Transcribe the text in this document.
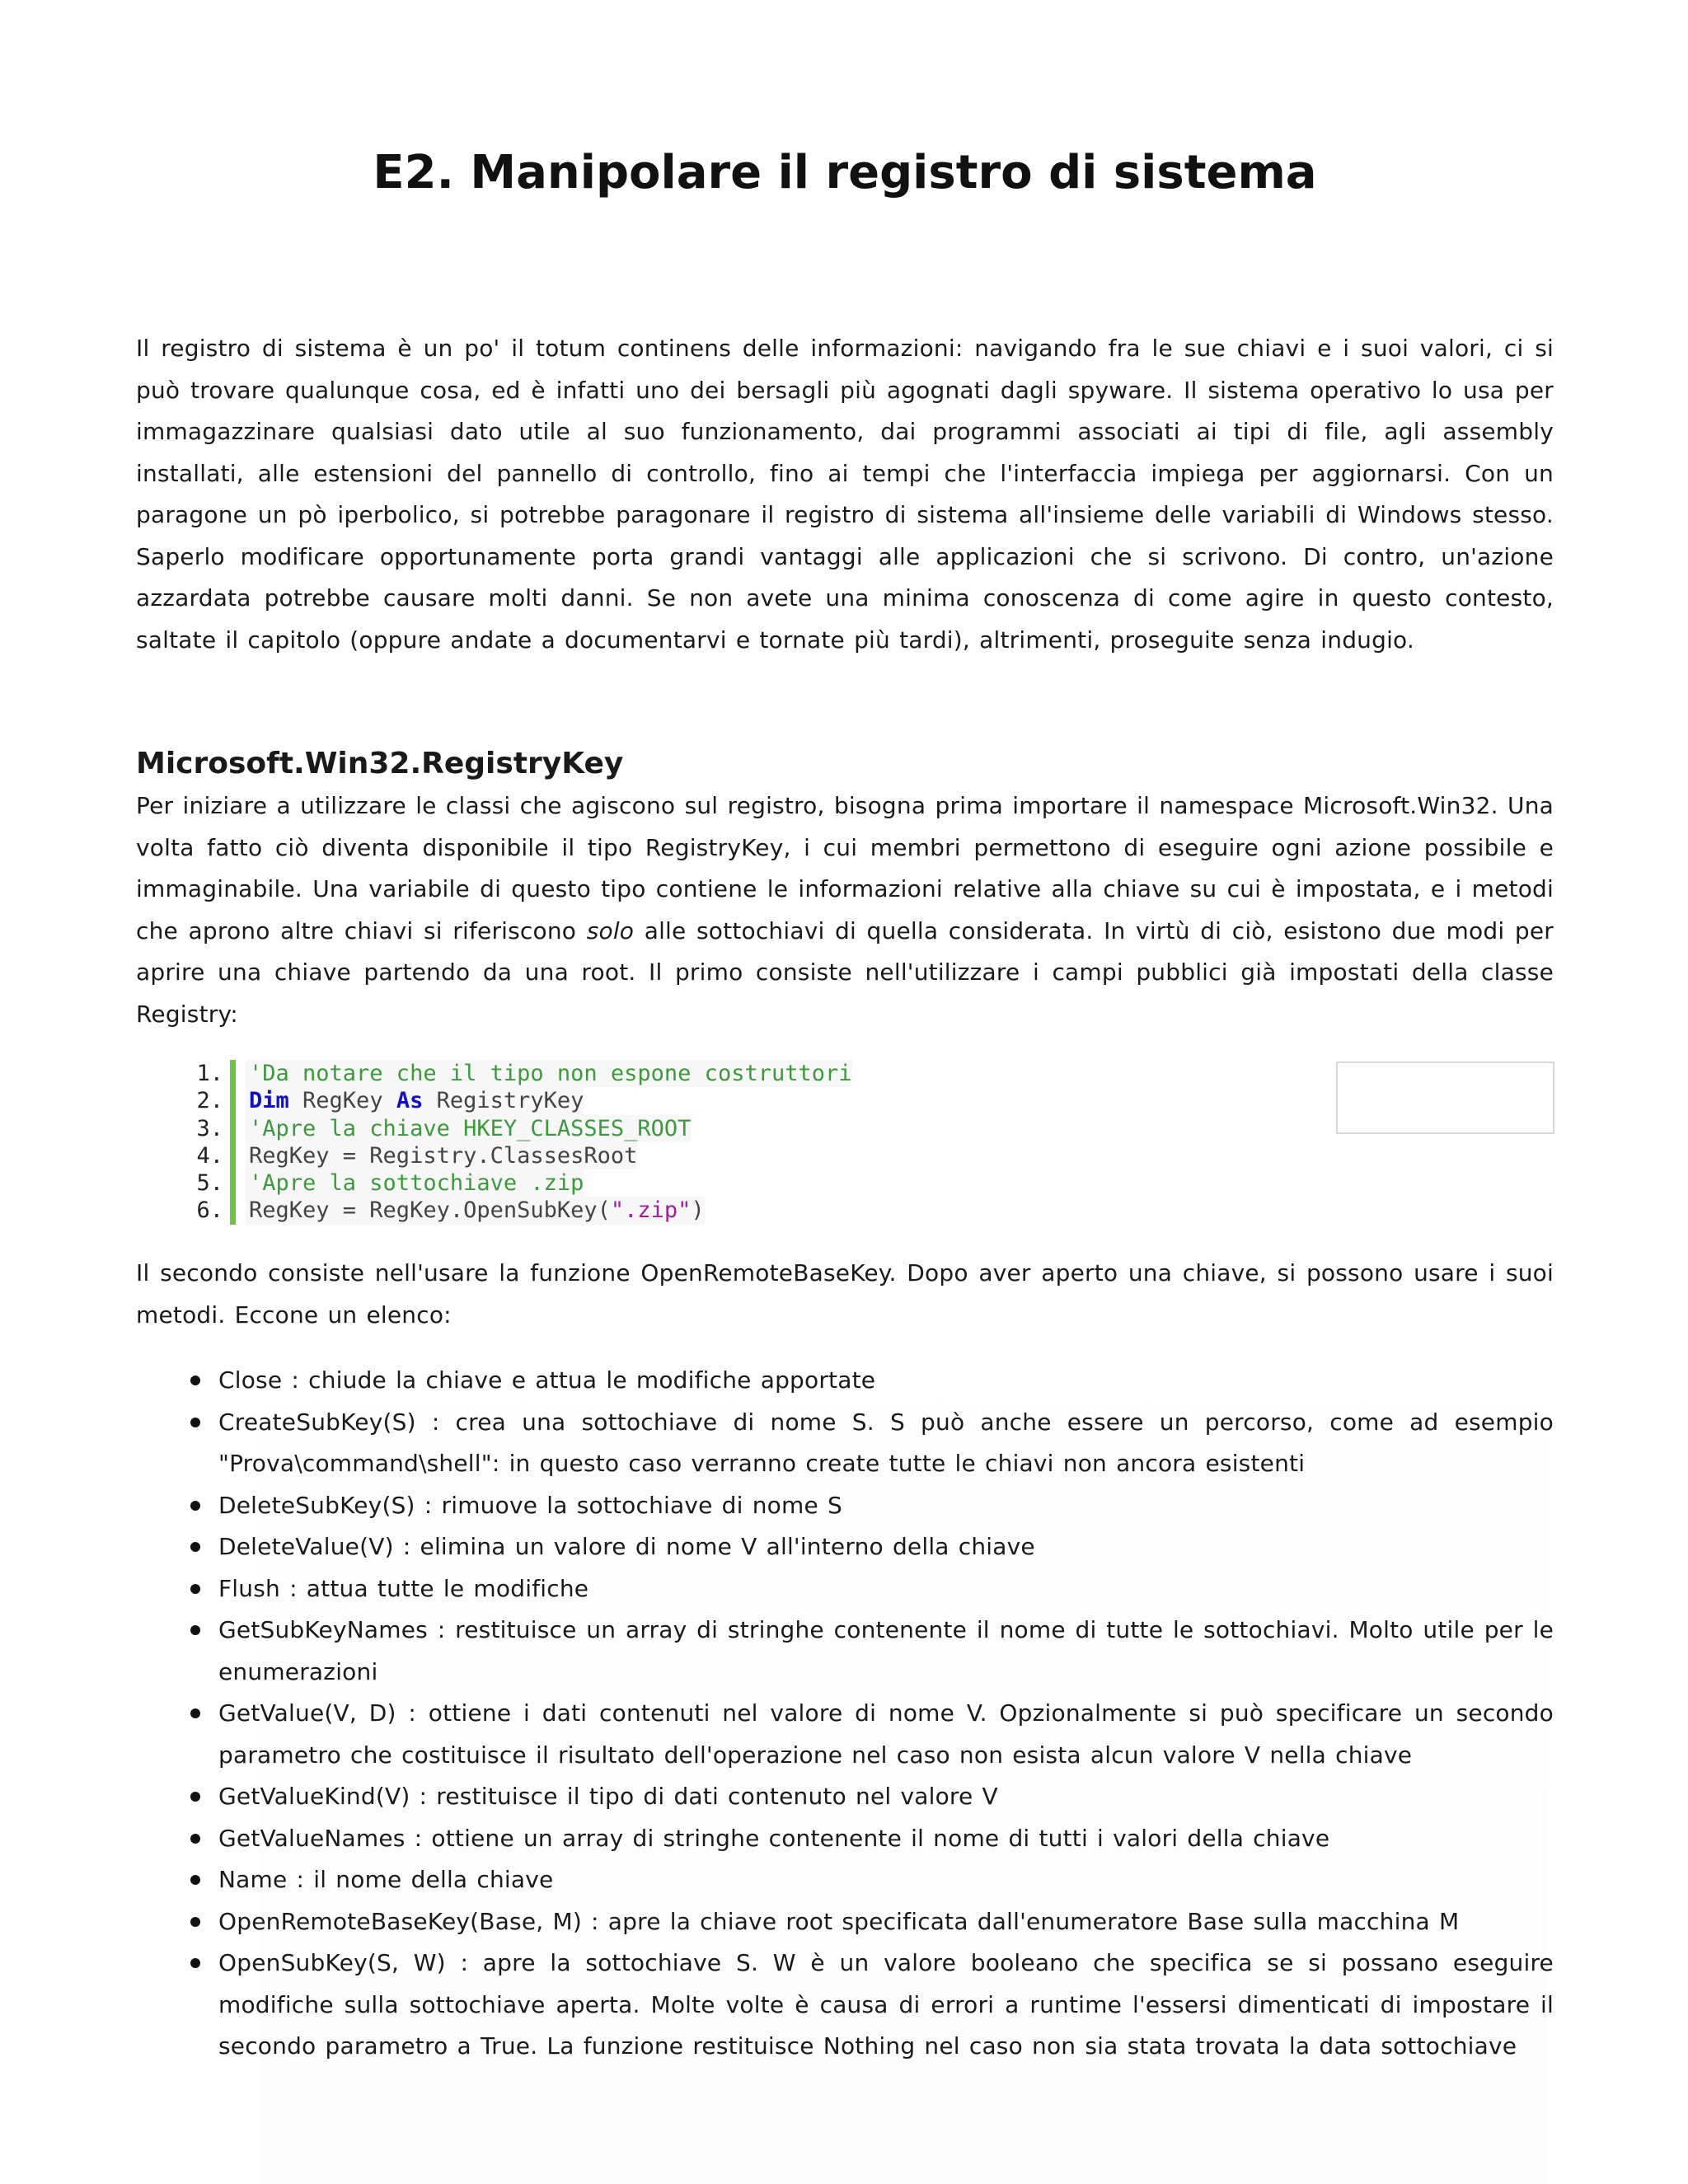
E2. Manipolare il registro di sistema

Il registro di sistema è un po' il totum continens delle informazioni: navigando fra le sue chiavi e i suoi valori, ci si può trovare qualunque cosa, ed è infatti uno dei bersagli più agognati dagli spyware. Il sistema operativo lo usa per immagazzinare qualsiasi dato utile al suo funzionamento, dai programmi associati ai tipi di file, agli assembly installati, alle estensioni del pannello di controllo, fino ai tempi che l'interfaccia impiega per aggiornarsi. Con un paragone un pò iperbolico, si potrebbe paragonare il registro di sistema all'insieme delle variabili di Windows stesso. Saperlo modificare opportunamente porta grandi vantaggi alle applicazioni che si scrivono. Di contro, un'azione azzardata potrebbe causare molti danni. Se non avete una minima conoscenza di come agire in questo contesto, saltate il capitolo (oppure andate a documentarvi e tornate più tardi), altrimenti, proseguite senza indugio.

Microsoft.Win32.RegistryKey

Per iniziare a utilizzare le classi che agiscono sul registro, bisogna prima importare il namespace Microsoft.Win32. Una volta fatto ciò diventa disponibile il tipo RegistryKey, i cui membri permettono di eseguire ogni azione possibile e immaginabile. Una variabile di questo tipo contiene le informazioni relative alla chiave su cui è impostata, e i metodi che aprono altre chiavi si riferiscono solo alle sottochiavi di quella considerata. In virtù di ciò, esistono due modi per aprire una chiave partendo da una root. Il primo consiste nell'utilizzare i campi pubblici già impostati della classe Registry:

1. 'Da notare che il tipo non espone costruttori
2. Dim RegKey As RegistryKey
3. 'Apre la chiave HKEY_CLASSES_ROOT
4. RegKey = Registry.ClassesRoot
5. 'Apre la sottochiave .zip
6. RegKey = RegKey.OpenSubKey(".zip")

Il secondo consiste nell'usare la funzione OpenRemoteBaseKey. Dopo aver aperto una chiave, si possono usare i suoi metodi. Eccone un elenco:

Close : chiude la chiave e attua le modifiche apportate
CreateSubKey(S) : crea una sottochiave di nome S. S può anche essere un percorso, come ad esempio "Prova\command\shell": in questo caso verranno create tutte le chiavi non ancora esistenti
DeleteSubKey(S) : rimuove la sottochiave di nome S
DeleteValue(V) : elimina un valore di nome V all'interno della chiave
Flush : attua tutte le modifiche
GetSubKeyNames : restituisce un array di stringhe contenente il nome di tutte le sottochiavi. Molto utile per le enumerazioni
GetValue(V, D) : ottiene i dati contenuti nel valore di nome V. Opzionalmente si può specificare un secondo parametro che costituisce il risultato dell'operazione nel caso non esista alcun valore V nella chiave
GetValueKind(V) : restituisce il tipo di dati contenuto nel valore V
GetValueNames : ottiene un array di stringhe contenente il nome di tutti i valori della chiave
Name : il nome della chiave
OpenRemoteBaseKey(Base, M) : apre la chiave root specificata dall'enumeratore Base sulla macchina M
OpenSubKey(S, W) : apre la sottochiave S. W è un valore booleano che specifica se si possano eseguire modifiche sulla sottochiave aperta. Molte volte è causa di errori a runtime l'essersi dimenticati di impostare il secondo parametro a True. La funzione restituisce Nothing nel caso non sia stata trovata la data sottochiave
